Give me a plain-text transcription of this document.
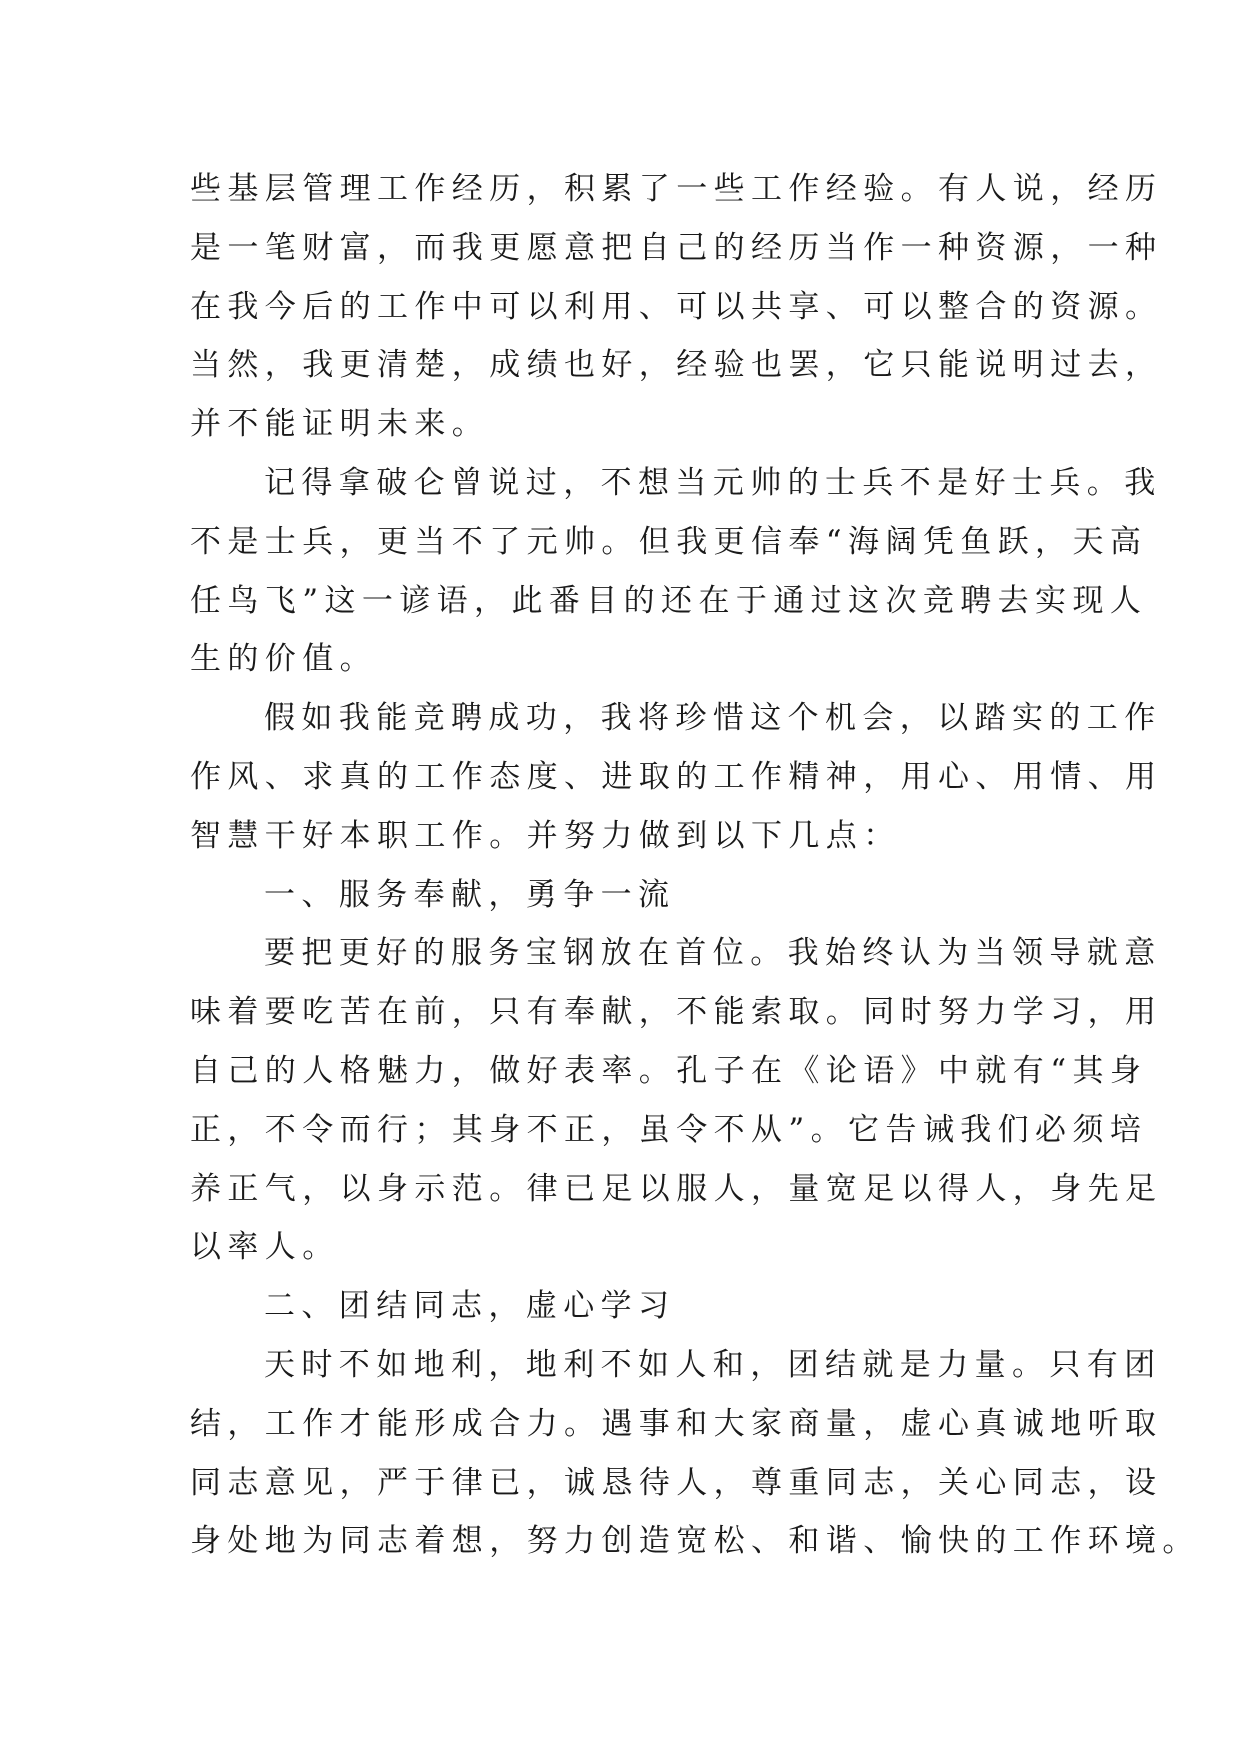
些基层管理工作经历，积累了一些工作经验。有人说，经历
是一笔财富，而我更愿意把自己的经历当作一种资源，一种
在我今后的工作中可以利用、可以共享、可以整合的资源。
当然，我更清楚，成绩也好，经验也罢，它只能说明过去，
并不能证明未来。
记得拿破仑曾说过，不想当元帅的士兵不是好士兵。我
不是士兵，更当不了元帅。但我更信奉“海阔凭鱼跃，天高
任鸟飞”这一谚语，此番目的还在于通过这次竞聘去实现人
生的价值。
假如我能竞聘成功，我将珍惜这个机会，以踏实的工作
作风、求真的工作态度、进取的工作精神，用心、用情、用
智慧干好本职工作。并努力做到以下几点：
一、服务奉献，勇争一流
要把更好的服务宝钢放在首位。我始终认为当领导就意
味着要吃苦在前，只有奉献，不能索取。同时努力学习，用
自己的人格魅力，做好表率。孔子在《论语》中就有“其身
正，不令而行；其身不正，虽令不从”。它告诫我们必须培
养正气，以身示范。律已足以服人，量宽足以得人，身先足
以率人。
二、团结同志，虚心学习
天时不如地利，地利不如人和，团结就是力量。只有团
结，工作才能形成合力。遇事和大家商量，虚心真诚地听取
同志意见，严于律已，诚恳待人，尊重同志，关心同志，设
身处地为同志着想，努力创造宽松、和谐、愉快的工作环境。
